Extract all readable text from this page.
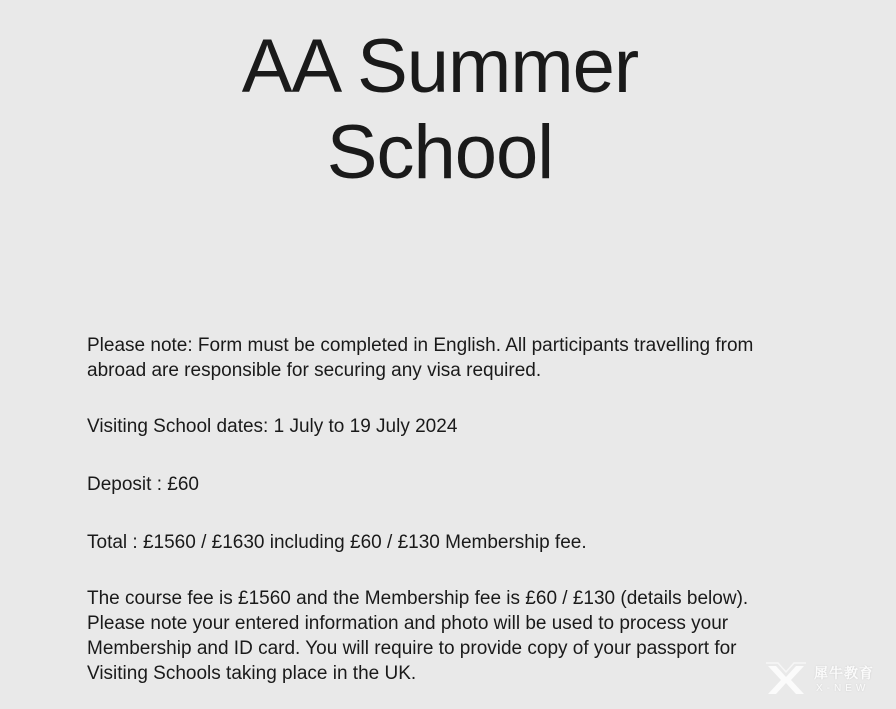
AA Summer
School

Please note: Form must be completed in English. All participants travelling from abroad are responsible for securing any visa required.

Visiting School dates: 1 July to 19 July 2024

Deposit : £60

Total : £1560 / £1630 including £60 / £130 Membership fee.

The course fee is £1560 and the Membership fee is £60 / £130 (details below). Please note your entered information and photo will be used to process your Membership and ID card. You will require to provide copy of your passport for Visiting Schools taking place in the UK.	犀牛教育
X-NEW
